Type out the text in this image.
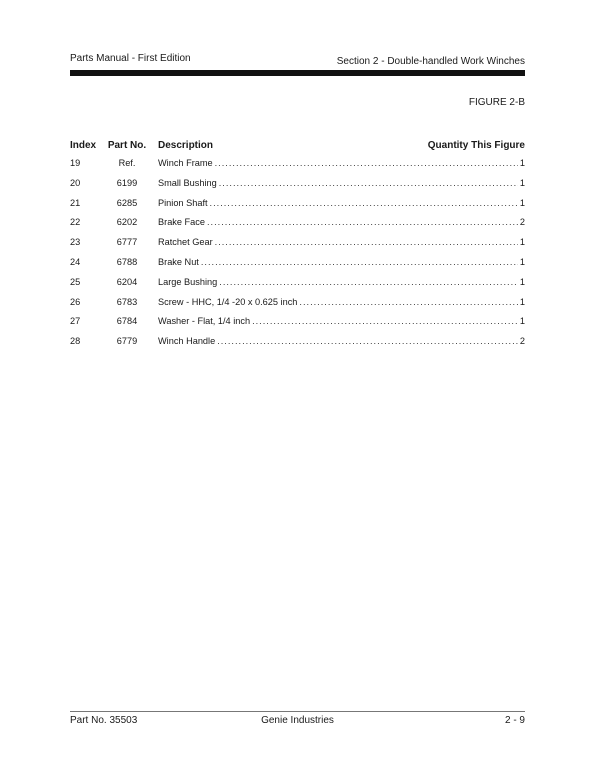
Parts Manual - First Edition	Section 2 - Double-handled Work Winches
FIGURE 2-B
Index	Part No.	Description	Quantity This Figure
19	Ref.	Winch Frame .....	1
20	6199	Small Bushing .....	1
21	6285	Pinion Shaft .....	1
22	6202	Brake Face .....	2
23	6777	Ratchet Gear .....	1
24	6788	Brake Nut .....	1
25	6204	Large Bushing .....	1
26	6783	Screw - HHC, 1/4 -20 x 0.625 inch .....	1
27	6784	Washer - Flat, 1/4 inch .....	1
28	6779	Winch Handle .....	2
Part No. 35503	Genie Industries	2 - 9
